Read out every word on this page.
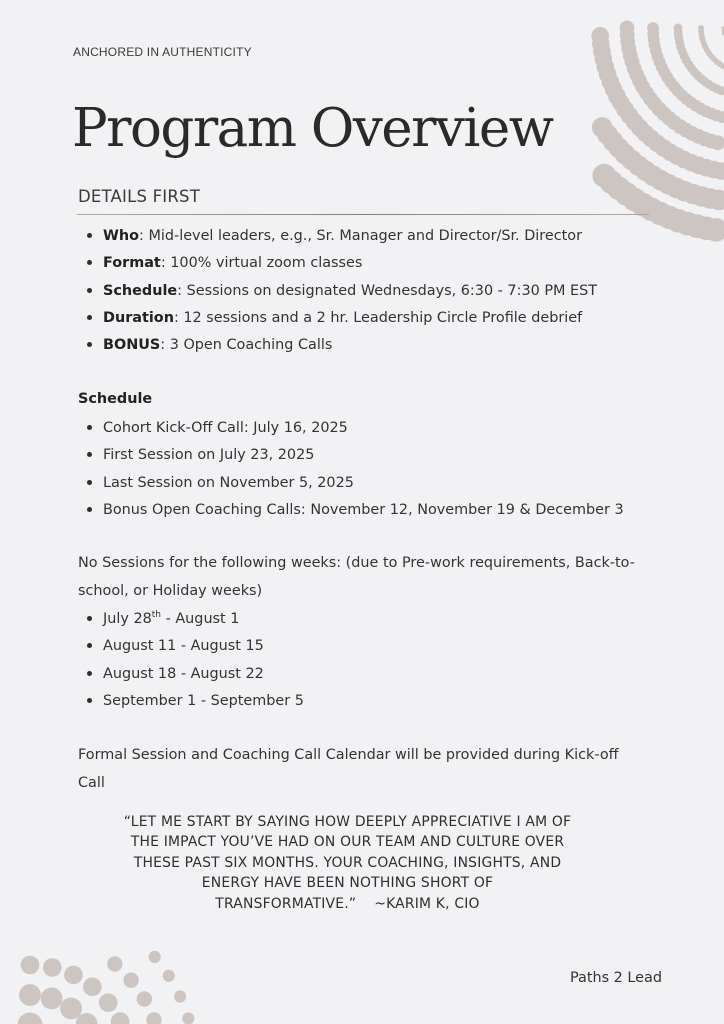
ANCHORED IN AUTHENTICITY
Program Overview
DETAILS FIRST
Who: Mid-level leaders, e.g., Sr. Manager and Director/Sr. Director
Format: 100% virtual zoom classes
Schedule: Sessions on designated Wednesdays, 6:30 - 7:30 PM EST
Duration: 12 sessions and a 2 hr. Leadership Circle Profile debrief
BONUS: 3 Open Coaching Calls
Schedule
Cohort Kick-Off Call: July 16, 2025
First Session on July 23, 2025
Last Session on November 5, 2025
Bonus Open Coaching Calls: November 12, November 19 & December 3
No Sessions for the following weeks: (due to Pre-work requirements, Back-to-school, or Holiday weeks)
July 28th - August 1
August 11 - August 15
August 18 - August 22
September 1 - September 5
Formal Session and Coaching Call Calendar will be provided during Kick-off Call
“LET ME START BY SAYING HOW DEEPLY APPRECIATIVE I AM OF THE IMPACT YOU’VE HAD ON OUR TEAM AND CULTURE OVER THESE PAST SIX MONTHS. YOUR COACHING, INSIGHTS, AND ENERGY HAVE BEEN NOTHING SHORT OF TRANSFORMATIVE.” ~KARIM K, CIO
Paths 2 Lead
